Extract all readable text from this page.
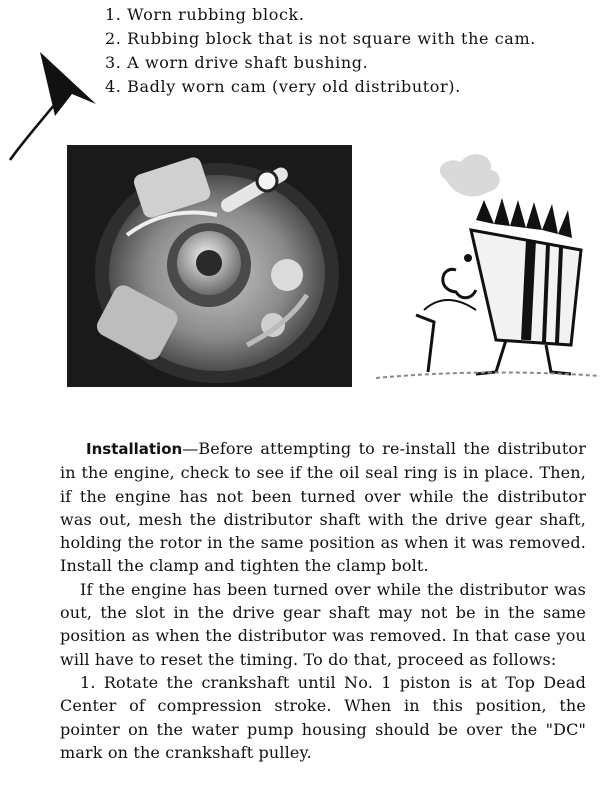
1. Worn rubbing block.
2. Rubbing block that is not square with the cam.
3. A worn drive shaft bushing.
4. Badly worn cam (very old distributor).

Installation—Before attempting to re-install the distributor in the engine, check to see if the oil seal ring is in place. Then, if the engine has not been turned over while the distributor was out, mesh the distributor shaft with the drive gear shaft, holding the rotor in the same position as when it was removed. Install the clamp and tighten the clamp bolt.

If the engine has been turned over while the distributor was out, the slot in the drive gear shaft may not be in the same position as when the distributor was removed. In that case you will have to reset the timing. To do that, proceed as follows:

1. Rotate the crankshaft until No. 1 piston is at Top Dead Center of compression stroke. When in this position, the pointer on the water pump housing should be over the "DC" mark on the crankshaft pulley.
